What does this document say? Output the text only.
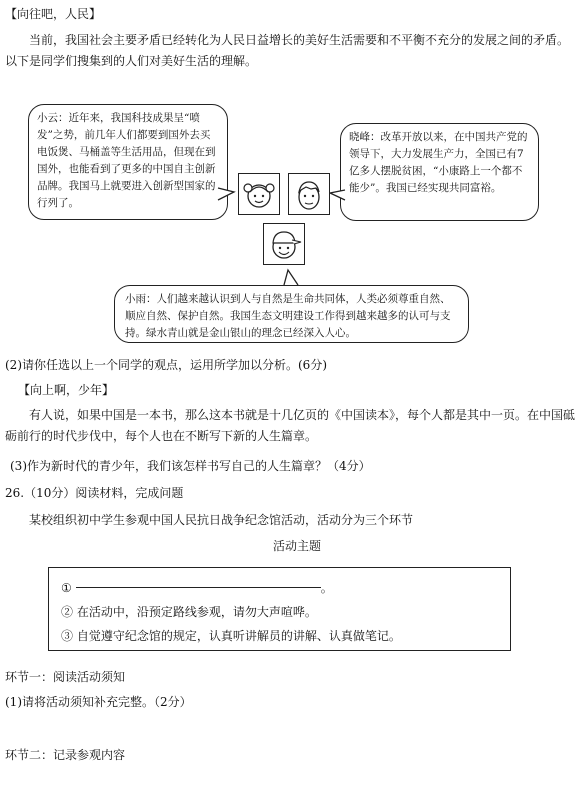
【向往吧，人民】
当前，我国社会主要矛盾已经转化为人民日益增长的美好生活需要和不平衡不充分的发展之间的矛盾。以下是同学们搜集到的人们对美好生活的理解。
小云：近年来，我国科技成果呈“喷发”之势，前几年人们都要到国外去买电饭煲、马桶盖等生活用品，但现在到国外，也能看到了更多的中国自主创新品牌。我国马上就要进入创新型国家的行列了。
晓峰：改革开放以来，在中国共产党的领导下，大力发展生产力，全国已有7亿多人摆脱贫困，“小康路上一个都不能少”。我国已经实现共同富裕。
小雨：人们越来越认识到人与自然是生命共同体，人类必须尊重自然、顺应自然、保护自然。我国生态文明建设工作得到越来越多的认可与支持。绿水青山就是金山银山的理念已经深入人心。
(2)请你任选以上一个同学的观点，运用所学加以分析。(6分)
【向上啊，少年】
有人说，如果中国是一本书，那么这本书就是十几亿页的《中国读本》，每个人都是其中一页。在中国砥砺前行的时代步伐中，每个人也在不断写下新的人生篇章。
(3)作为新时代的青少年，我们该怎样书写自己的人生篇章？（4分）
26.（10分）阅读材料，完成问题
某校组织初中学生参观中国人民抗日战争纪念馆活动，活动分为三个环节
活动主题
①	。
② 在活动中，沿预定路线参观，请勿大声喧哗。
③ 自觉遵守纪念馆的规定，认真听讲解员的讲解、认真做笔记。
环节一：阅读活动须知
(1)请将活动须知补充完整。（2分）
环节二：记录参观内容
